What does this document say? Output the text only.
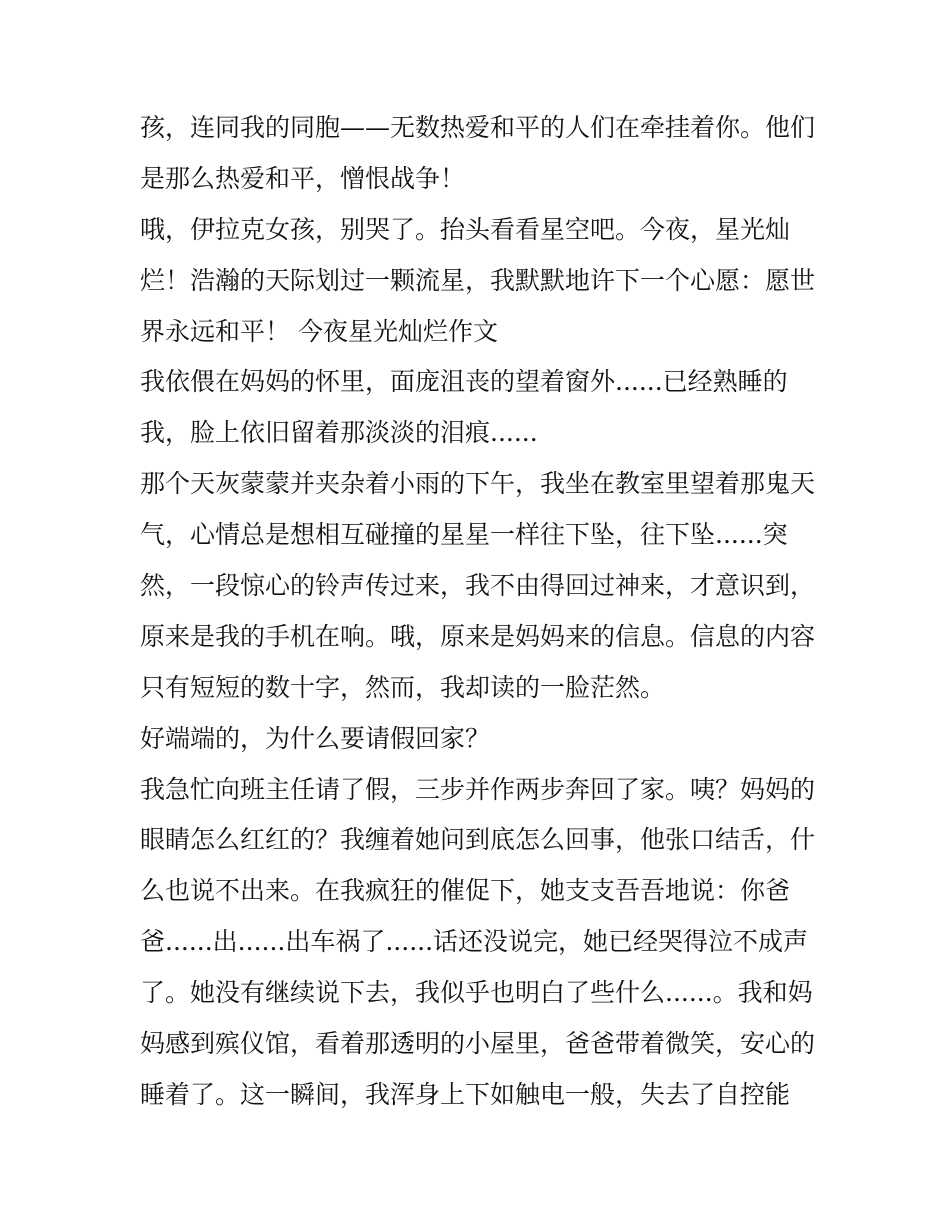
孩，连同我的同胞——无数热爱和平的人们在牵挂着你。他们
是那么热爱和平，憎恨战争！
哦，伊拉克女孩，别哭了。抬头看看星空吧。今夜，星光灿
烂！浩瀚的天际划过一颗流星，我默默地许下一个心愿：愿世
界永远和平！ 今夜星光灿烂作文
我依偎在妈妈的怀里，面庞沮丧的望着窗外......已经熟睡的
我，脸上依旧留着那淡淡的泪痕......
那个天灰蒙蒙并夹杂着小雨的下午，我坐在教室里望着那鬼天
气，心情总是想相互碰撞的星星一样往下坠，往下坠......突
然，一段惊心的铃声传过来，我不由得回过神来，才意识到，
原来是我的手机在响。哦，原来是妈妈来的信息。信息的内容
只有短短的数十字，然而，我却读的一脸茫然。
好端端的，为什么要请假回家？
我急忙向班主任请了假，三步并作两步奔回了家。咦？妈妈的
眼睛怎么红红的？我缠着她问到底怎么回事，他张口结舌，什
么也说不出来。在我疯狂的催促下，她支支吾吾地说：你爸
爸......出......出车祸了......话还没说完，她已经哭得泣不成声
了。她没有继续说下去，我似乎也明白了些什么......。我和妈
妈感到殡仪馆，看着那透明的小屋里，爸爸带着微笑，安心的
睡着了。这一瞬间，我浑身上下如触电一般，失去了自控能
